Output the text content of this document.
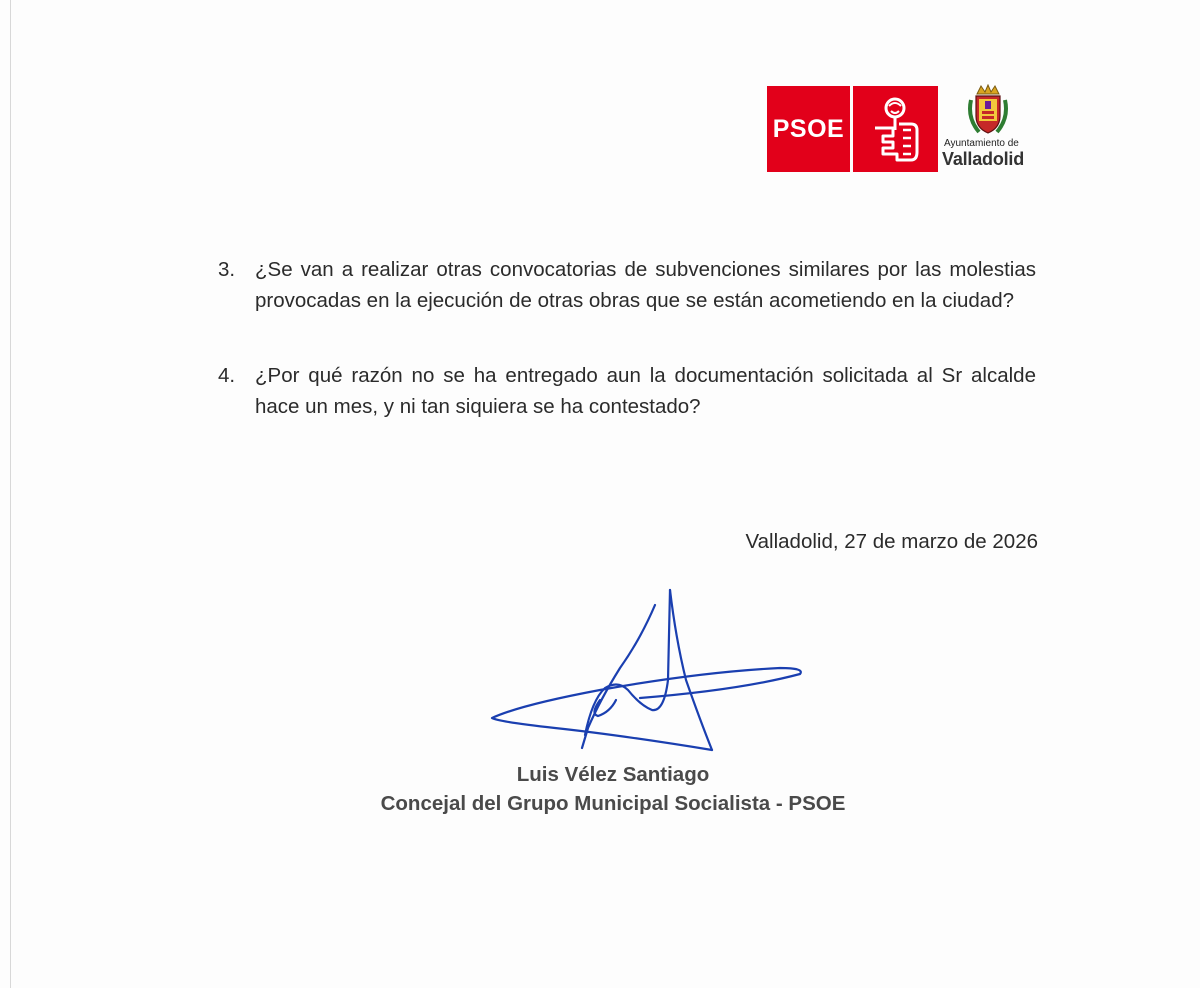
PSOE
Ayuntamiento de
Valladolid
3. ¿Se van a realizar otras convocatorias de subvenciones similares por las molestias provocadas en la ejecución de otras obras que se están acometiendo en la ciudad?
4. ¿Por qué razón no se ha entregado aun la documentación solicitada al Sr alcalde hace un mes, y ni tan siquiera se ha contestado?
Valladolid, 27 de marzo de 2026
Luis Vélez Santiago
Concejal del Grupo Municipal Socialista - PSOE
